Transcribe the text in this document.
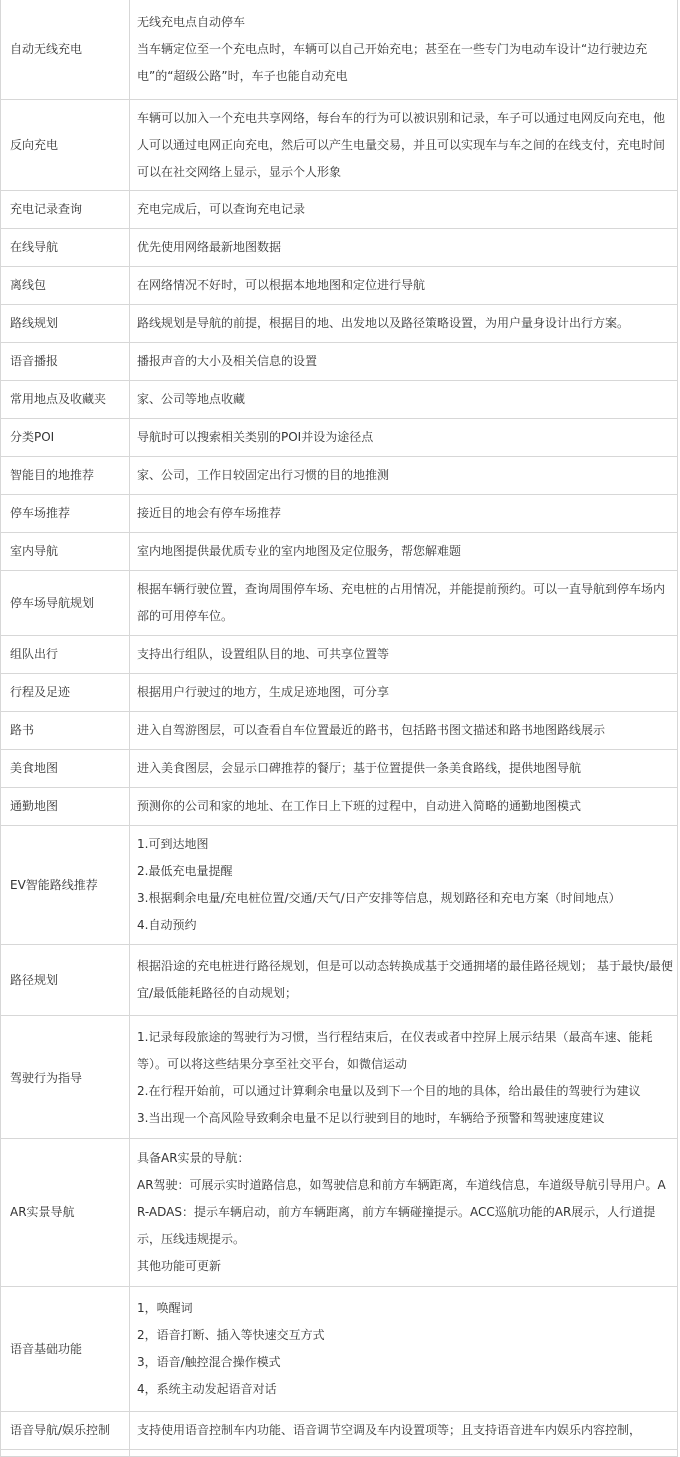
自动无线充电	无线充电点自动停车
当车辆定位至一个充电点时，车辆可以自己开始充电；甚至在一些专门为电动车设计“边行驶边充电”的“超级公路”时，车子也能自动充电

反向充电	车辆可以加入一个充电共享网络，每台车的行为可以被识别和记录，车子可以通过电网反向充电，他人可以通过电网正向充电，然后可以产生电量交易，并且可以实现车与车之间的在线支付，充电时间可以在社交网络上显示，显示个人形象

充电记录查询	充电完成后，可以查询充电记录

在线导航	优先使用网络最新地图数据

离线包	在网络情况不好时，可以根据本地地图和定位进行导航

路线规划	路线规划是导航的前提，根据目的地、出发地以及路径策略设置，为用户量身设计出行方案。

语音播报	播报声音的大小及相关信息的设置

常用地点及收藏夹	家、公司等地点收藏

分类POI	导航时可以搜索相关类别的POI并设为途径点

智能目的地推荐	家、公司，工作日较固定出行习惯的目的地推测

停车场推荐	接近目的地会有停车场推荐

室内导航	室内地图提供最优质专业的室内地图及定位服务，帮您解难题

停车场导航规划	根据车辆行驶位置，查询周围停车场、充电桩的占用情况，并能提前预约。可以一直导航到停车场内部的可用停车位。

组队出行	支持出行组队，设置组队目的地、可共享位置等

行程及足迹	根据用户行驶过的地方，生成足迹地图，可分享

路书	进入自驾游图层，可以查看自车位置最近的路书，包括路书图文描述和路书地图路线展示

美食地图	进入美食图层，会显示口碑推荐的餐厅；基于位置提供一条美食路线，提供地图导航

通勤地图	预测你的公司和家的地址、在工作日上下班的过程中，自动进入简略的通勤地图模式

EV智能路线推荐	1.可到达地图
2.最低充电量提醒
3.根据剩余电量/充电桩位置/交通/天气/日产安排等信息，规划路径和充电方案（时间地点）
4.自动预约

路径规划	根据沿途的充电桩进行路径规划，但是可以动态转换成基于交通拥堵的最佳路径规划； 基于最快/最便宜/最低能耗路径的自动规划；

驾驶行为指导	1.记录每段旅途的驾驶行为习惯，当行程结束后，在仪表或者中控屏上展示结果（最高车速、能耗等）。可以将这些结果分享至社交平台，如微信运动
2.在行程开始前，可以通过计算剩余电量以及到下一个目的地的具体，给出最佳的驾驶行为建议
3.当出现一个高风险导致剩余电量不足以行驶到目的地时，车辆给予预警和驾驶速度建议

AR实景导航	具备AR实景的导航：
AR驾驶：可展示实时道路信息，如驾驶信息和前方车辆距离，车道线信息，车道级导航引导用户。AR-ADAS：提示车辆启动，前方车辆距离，前方车辆碰撞提示。ACC巡航功能的AR展示，人行道提示，压线违规提示。
其他功能可更新

语音基础功能	1，唤醒词
2，语音打断、插入等快速交互方式
3，语音/触控混合操作模式
4，系统主动发起语音对话

语音导航/娱乐控制	支持使用语音控制车内功能、语音调节空调及车内设置项等；且支持语音进车内娱乐内容控制，
